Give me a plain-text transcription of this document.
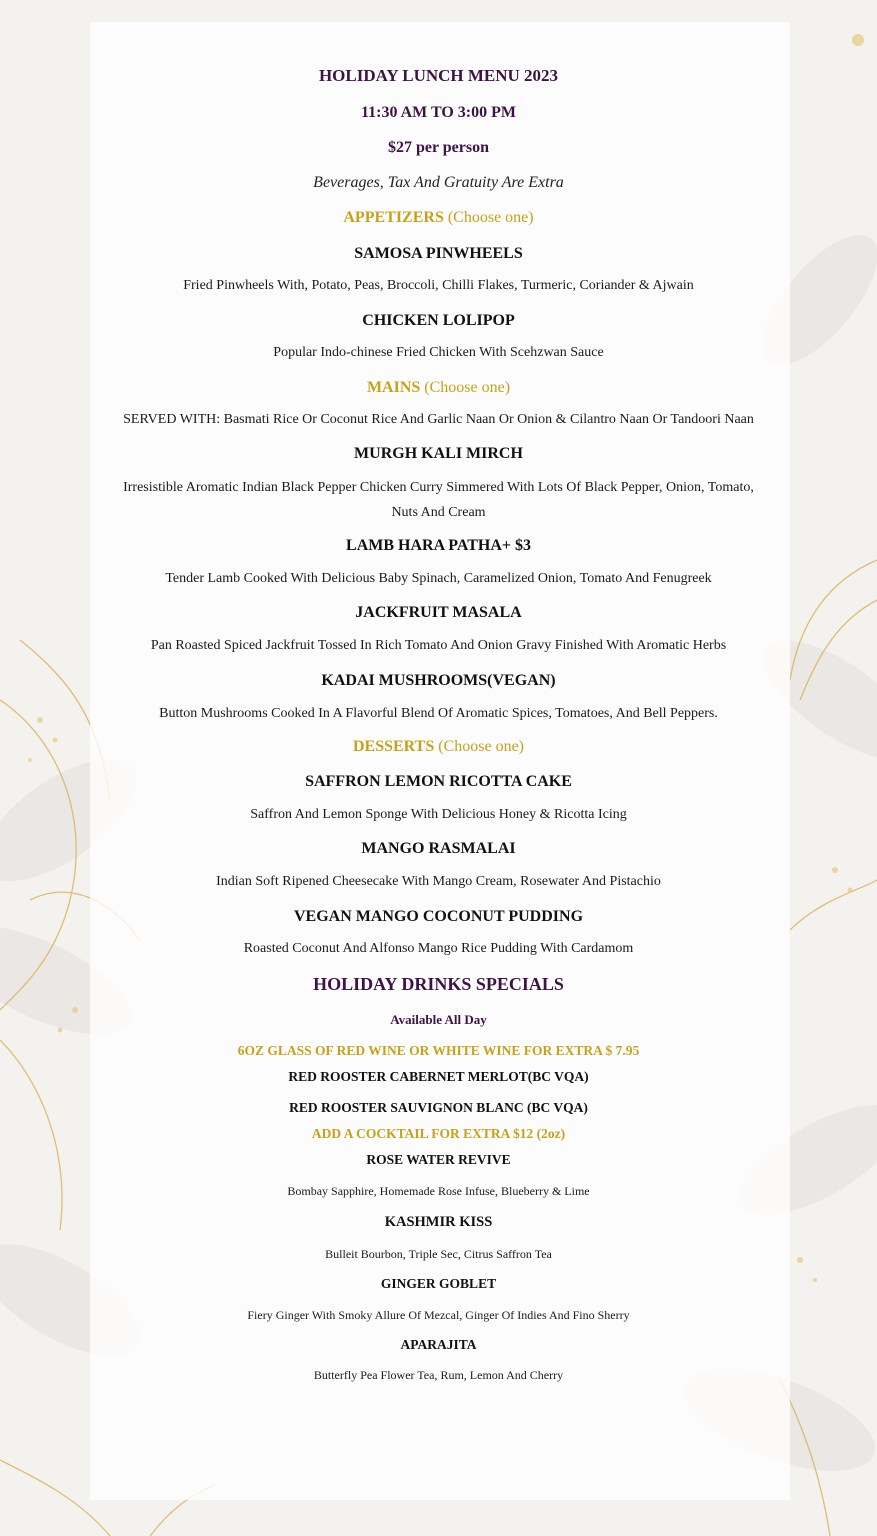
HOLIDAY LUNCH MENU 2023
11:30 AM TO 3:00 PM
$27 per person
Beverages, Tax And Gratuity Are Extra
APPETIZERS (Choose one)
SAMOSA PINWHEELS
Fried Pinwheels With, Potato, Peas, Broccoli, Chilli Flakes, Turmeric, Coriander & Ajwain
CHICKEN LOLIPOP
Popular Indo-chinese Fried Chicken With Scehzwan Sauce
MAINS (Choose one)
SERVED WITH: Basmati Rice Or Coconut Rice And Garlic Naan Or Onion & Cilantro Naan Or Tandoori Naan
MURGH KALI MIRCH
Irresistible Aromatic Indian Black Pepper Chicken Curry Simmered With Lots Of Black Pepper, Onion, Tomato,
Nuts And Cream
LAMB HARA PATHA+ $3
Tender Lamb Cooked With Delicious Baby Spinach, Caramelized Onion, Tomato And Fenugreek
JACKFRUIT MASALA
Pan Roasted Spiced Jackfruit Tossed In Rich Tomato And Onion Gravy Finished With Aromatic Herbs
KADAI MUSHROOMS(VEGAN)
Button Mushrooms Cooked In A Flavorful Blend Of Aromatic Spices, Tomatoes, And Bell Peppers.
DESSERTS (Choose one)
SAFFRON LEMON RICOTTA CAKE
Saffron And Lemon Sponge With Delicious Honey & Ricotta Icing
MANGO RASMALAI
Indian Soft Ripened Cheesecake With Mango Cream, Rosewater And Pistachio
VEGAN MANGO COCONUT PUDDING
Roasted Coconut And Alfonso Mango Rice Pudding With Cardamom
HOLIDAY DRINKS SPECIALS
Available All Day
6OZ GLASS OF RED WINE OR WHITE WINE FOR EXTRA $ 7.95
RED ROOSTER CABERNET MERLOT(BC VQA)
RED ROOSTER SAUVIGNON BLANC (BC VQA)
ADD A COCKTAIL FOR EXTRA $12 (2oz)
ROSE WATER REVIVE
Bombay Sapphire, Homemade Rose Infuse, Blueberry & Lime
KASHMIR KISS
Bulleit Bourbon, Triple Sec, Citrus Saffron Tea
GINGER GOBLET
Fiery Ginger With Smoky Allure Of Mezcal, Ginger Of Indies And Fino Sherry
APARAJITA
Butterfly Pea Flower Tea, Rum, Lemon And Cherry
